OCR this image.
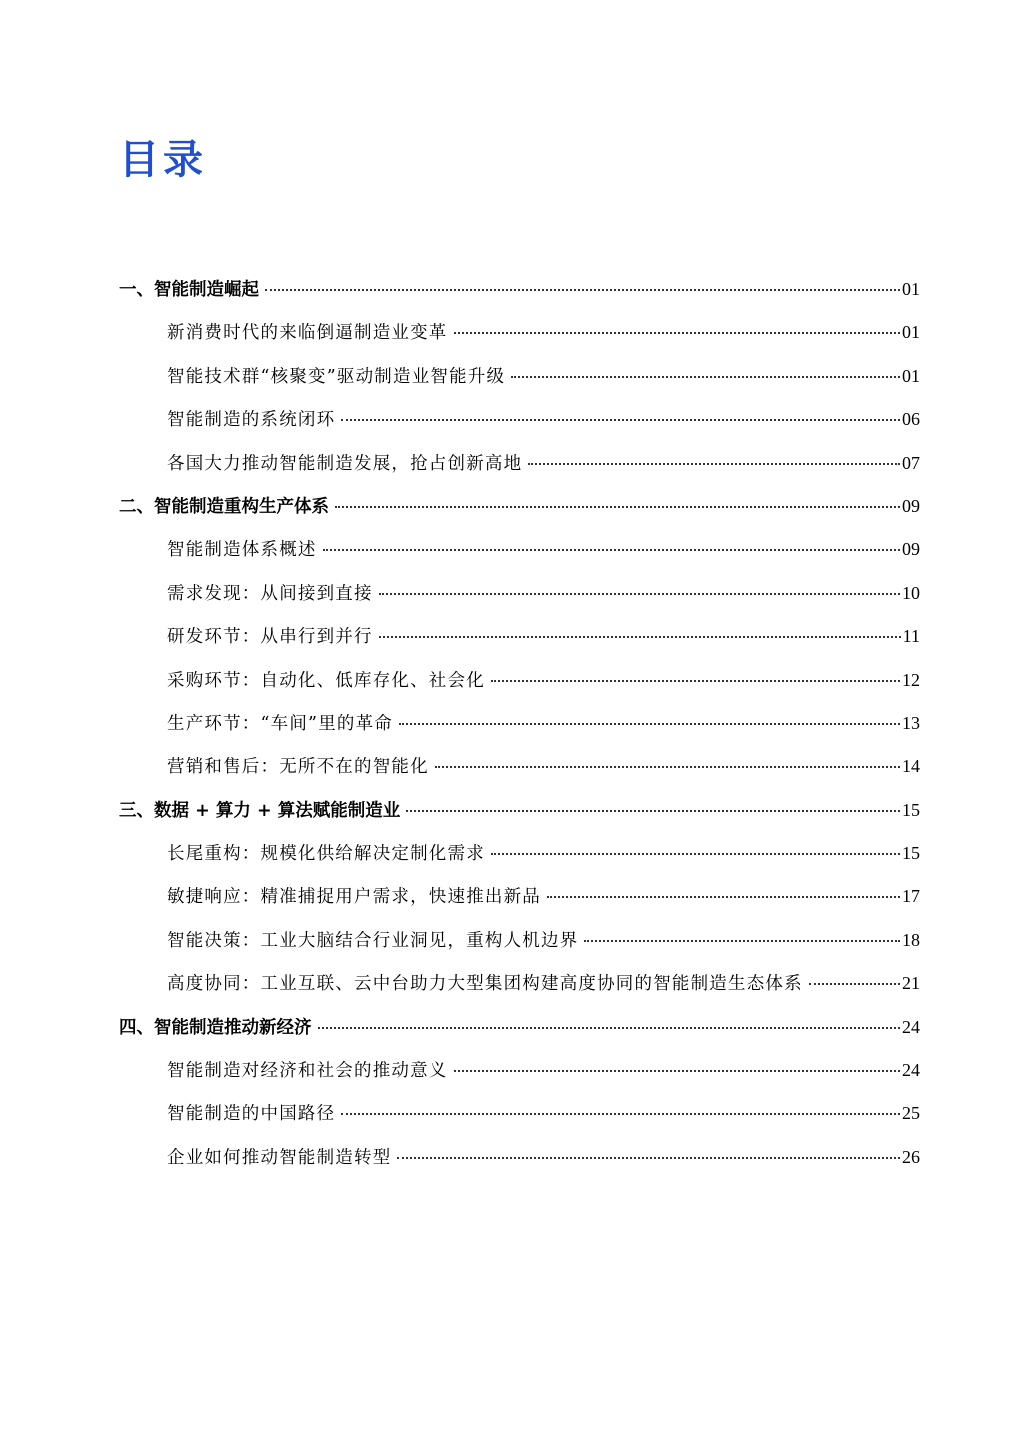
目录
一、智能制造崛起	01
新消费时代的来临倒逼制造业变革	01
智能技术群“核聚变”驱动制造业智能升级	01
智能制造的系统闭环	06
各国大力推动智能制造发展，抢占创新高地	07
二、智能制造重构生产体系	09
智能制造体系概述	09
需求发现：从间接到直接	10
研发环节：从串行到并行	11
采购环节：自动化、低库存化、社会化	12
生产环节：“车间”里的革命	13
营销和售后：无所不在的智能化	14
三、数据 + 算力 + 算法赋能制造业	15
长尾重构：规模化供给解决定制化需求	15
敏捷响应：精准捕捉用户需求，快速推出新品	17
智能决策：工业大脑结合行业洞见，重构人机边界	18
高度协同：工业互联、云中台助力大型集团构建高度协同的智能制造生态体系	21
四、智能制造推动新经济	24
智能制造对经济和社会的推动意义	24
智能制造的中国路径	25
企业如何推动智能制造转型	26
